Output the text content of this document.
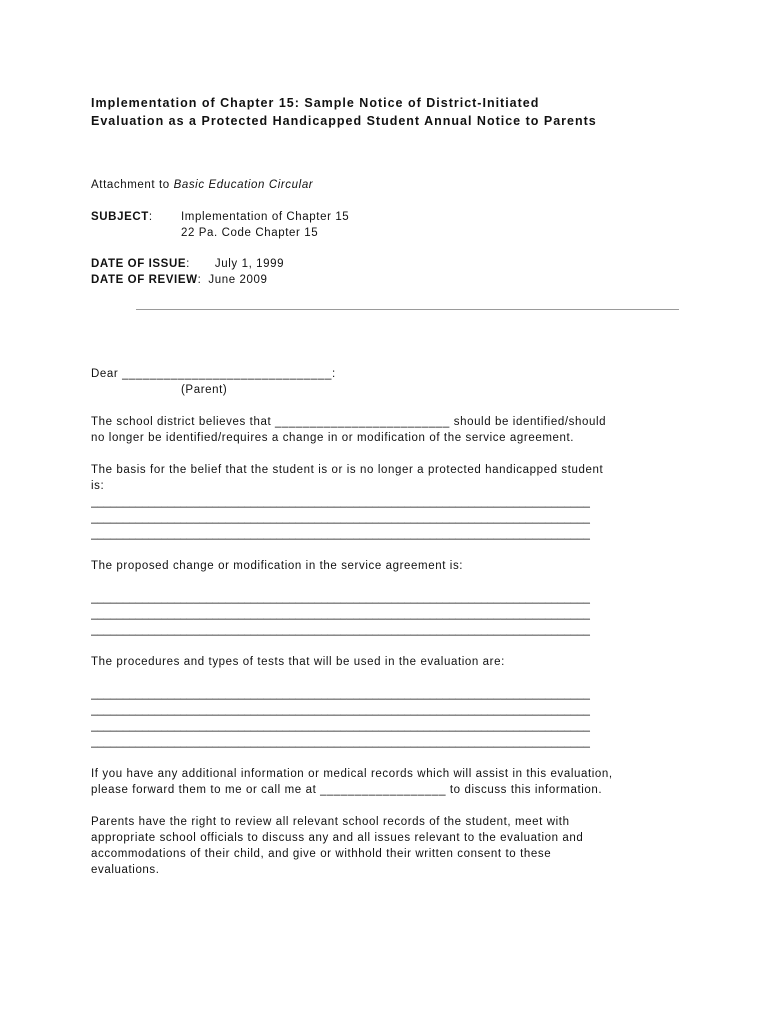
Implementation of Chapter 15: Sample Notice of District-Initiated
Evaluation as a Protected Handicapped Student Annual Notice to Parents

Attachment to Basic Education Circular
SUBJECT:	Implementation of Chapter 15
22 Pa. Code Chapter 15
DATE OF ISSUE: July 1, 1999
DATE OF REVIEW: June 2009
Dear ______________________________:
(Parent)
The school district believes that _________________________ should be identified/should
no longer be identified/requires a change in or modification of the service agreement.
The basis for the belief that the student is or is no longer a protected handicapped student
is:
______________________________________________________________________________
______________________________________________________________________________
______________________________________________________________________________
The proposed change or modification in the service agreement is:
______________________________________________________________________________
______________________________________________________________________________
______________________________________________________________________________
The procedures and types of tests that will be used in the evaluation are:
______________________________________________________________________________
______________________________________________________________________________
______________________________________________________________________________
______________________________________________________________________________
If you have any additional information or medical records which will assist in this evaluation,
please forward them to me or call me at __________________ to discuss this information.
Parents have the right to review all relevant school records of the student, meet with
appropriate school officials to discuss any and all issues relevant to the evaluation and
accommodations of their child, and give or withhold their written consent to these
evaluations.
